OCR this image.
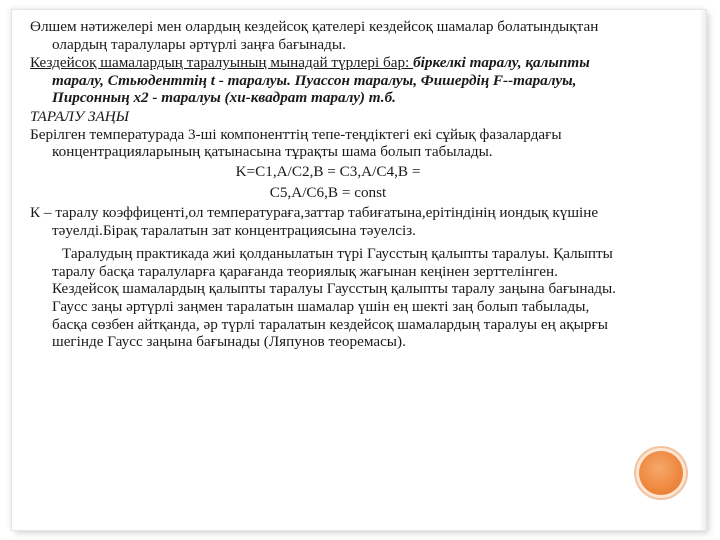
Өлшем нәтижелері мен олардың кездейсоқ қателері кездейсоқ шамалар болатындықтан олардың таралулары әртүрлі заңға бағынады.

Кездейсоқ шамалардың таралуының мынадай түрлері бар: біркелкі таралу, қалыпты таралу, Стьюденттің t - таралуы. Пуассон таралуы, Фишердің F--таралуы, Пирсонның х2 - таралуы (хи-квадрат таралу) т.б.

ТАРАЛУ ЗАҢЫ

Берілген температурада 3-ші компоненттің тепе-теңдіктегі екі сұйық фазалардағы концентрацияларының қатынасына тұрақты шама болып табылады.

K=C1,A/C2,B = C3,A/C4,B =

C5,A/C6,B = const

К – таралу коэффиценті,ол температураға,заттар табиғатына,ерітіндінің иондық күшіне тәуелді.Бірақ таралатын зат концентрациясына тәуелсіз.

Таралудың практикада жиі қолданылатын түрі Гаусстың қалыпты таралуы. Қалыпты таралу басқа таралуларға қарағанда теориялық жағынан кеңінен зерттелінген. Кездейсоқ шамалардың қалыпты таралуы Гаусстың қалыпты таралу заңына бағынады. Гаусс заңы әртүрлі заңмен таралатын шамалар үшін ең шекті заң болып табылады, басқа сөзбен айтқанда, әр түрлі таралатын кездейсоқ шамалардың таралуы ең ақырғы шегінде Гаусс заңына бағынады (Ляпунов теоремасы).
